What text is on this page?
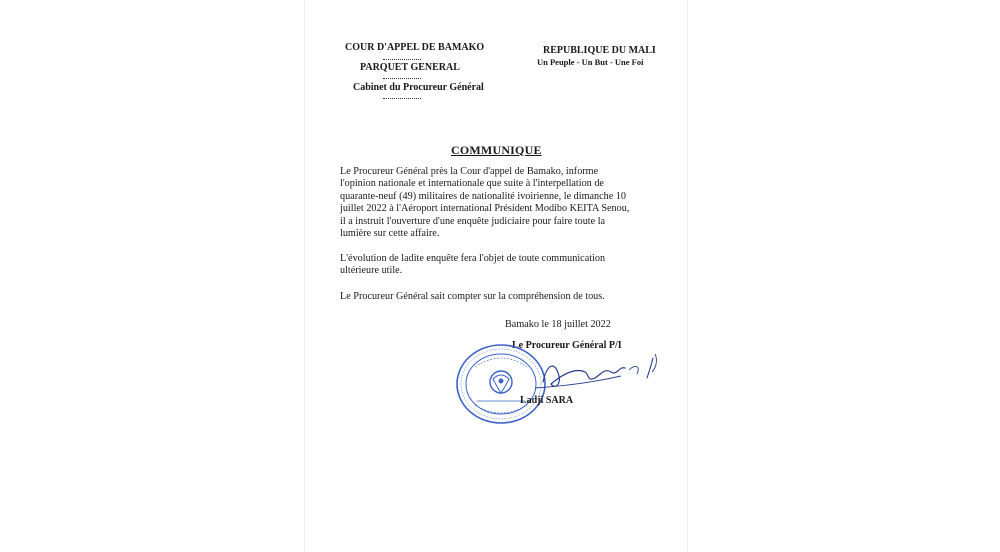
COUR D'APPEL DE BAMAKO
PARQUET GENERAL
Cabinet du Procureur Général
REPUBLIQUE DU MALI
Un Peuple - Un But - Une Foi
COMMUNIQUE
Le Procureur Général près la Cour d'appel de Bamako, informe
l'opinion nationale et internationale que suite à l'interpellation de
quarante-neuf (49) militaires de nationalité ivoirienne, le dimanche 10
juillet 2022 à l'Aéroport international Président Modibo KEITA Senou,
il a instruit l'ouverture d'une enquête judiciaire pour faire toute la
lumière sur cette affaire.
L'évolution de ladite enquête fera l'objet de toute communication
ultérieure utile.
Le Procureur Général sait compter sur la compréhension de tous.
Bamako le 18 juillet 2022
Le Procureur Général P/I
Ladji SARA
